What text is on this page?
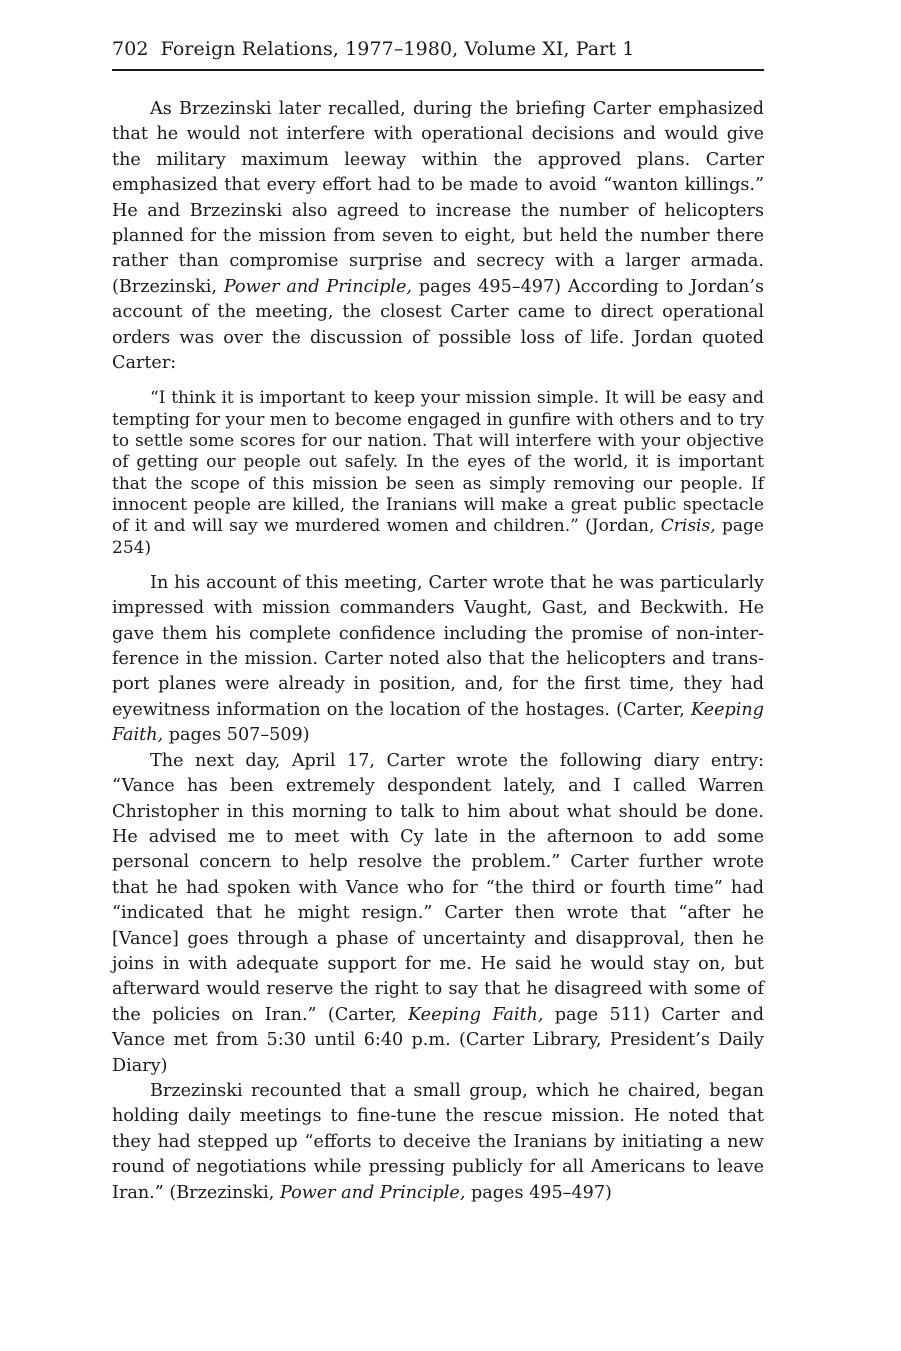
702 Foreign Relations, 1977–1980, Volume XI, Part 1

As Brzezinski later recalled, during the briefing Carter emphasized that he would not interfere with operational decisions and would give the military maximum leeway within the approved plans. Carter emphasized that every effort had to be made to avoid “wanton killings.” He and Brzezinski also agreed to increase the number of helicopters planned for the mission from seven to eight, but held the number there rather than compromise surprise and secrecy with a larger armada. (Brzezinski, Power and Principle, pages 495–497) According to Jordan’s account of the meeting, the closest Carter came to direct operational orders was over the discussion of possible loss of life. Jordan quoted Carter:

“I think it is important to keep your mission simple. It will be easy and tempting for your men to become engaged in gunfire with others and to try to settle some scores for our nation. That will interfere with your objective of getting our people out safely. In the eyes of the world, it is important that the scope of this mission be seen as simply removing our people. If innocent people are killed, the Iranians will make a great public spectacle of it and will say we murdered women and children.” (Jordan, Crisis, page 254)

In his account of this meeting, Carter wrote that he was particularly impressed with mission commanders Vaught, Gast, and Beckwith. He gave them his complete confidence including the promise of non-interference in the mission. Carter noted also that the helicopters and transport planes were already in position, and, for the first time, they had eyewitness information on the location of the hostages. (Carter, Keeping Faith, pages 507–509)

The next day, April 17, Carter wrote the following diary entry: “Vance has been extremely despondent lately, and I called Warren Christopher in this morning to talk to him about what should be done. He advised me to meet with Cy late in the afternoon to add some personal concern to help resolve the problem.” Carter further wrote that he had spoken with Vance who for “the third or fourth time” had “indicated that he might resign.” Carter then wrote that “after he [Vance] goes through a phase of uncertainty and disapproval, then he joins in with adequate support for me. He said he would stay on, but afterward would reserve the right to say that he disagreed with some of the policies on Iran.” (Carter, Keeping Faith, page 511) Carter and Vance met from 5:30 until 6:40 p.m. (Carter Library, President’s Daily Diary)

Brzezinski recounted that a small group, which he chaired, began holding daily meetings to fine-tune the rescue mission. He noted that they had stepped up “efforts to deceive the Iranians by initiating a new round of negotiations while pressing publicly for all Americans to leave Iran.” (Brzezinski, Power and Principle, pages 495–497)
